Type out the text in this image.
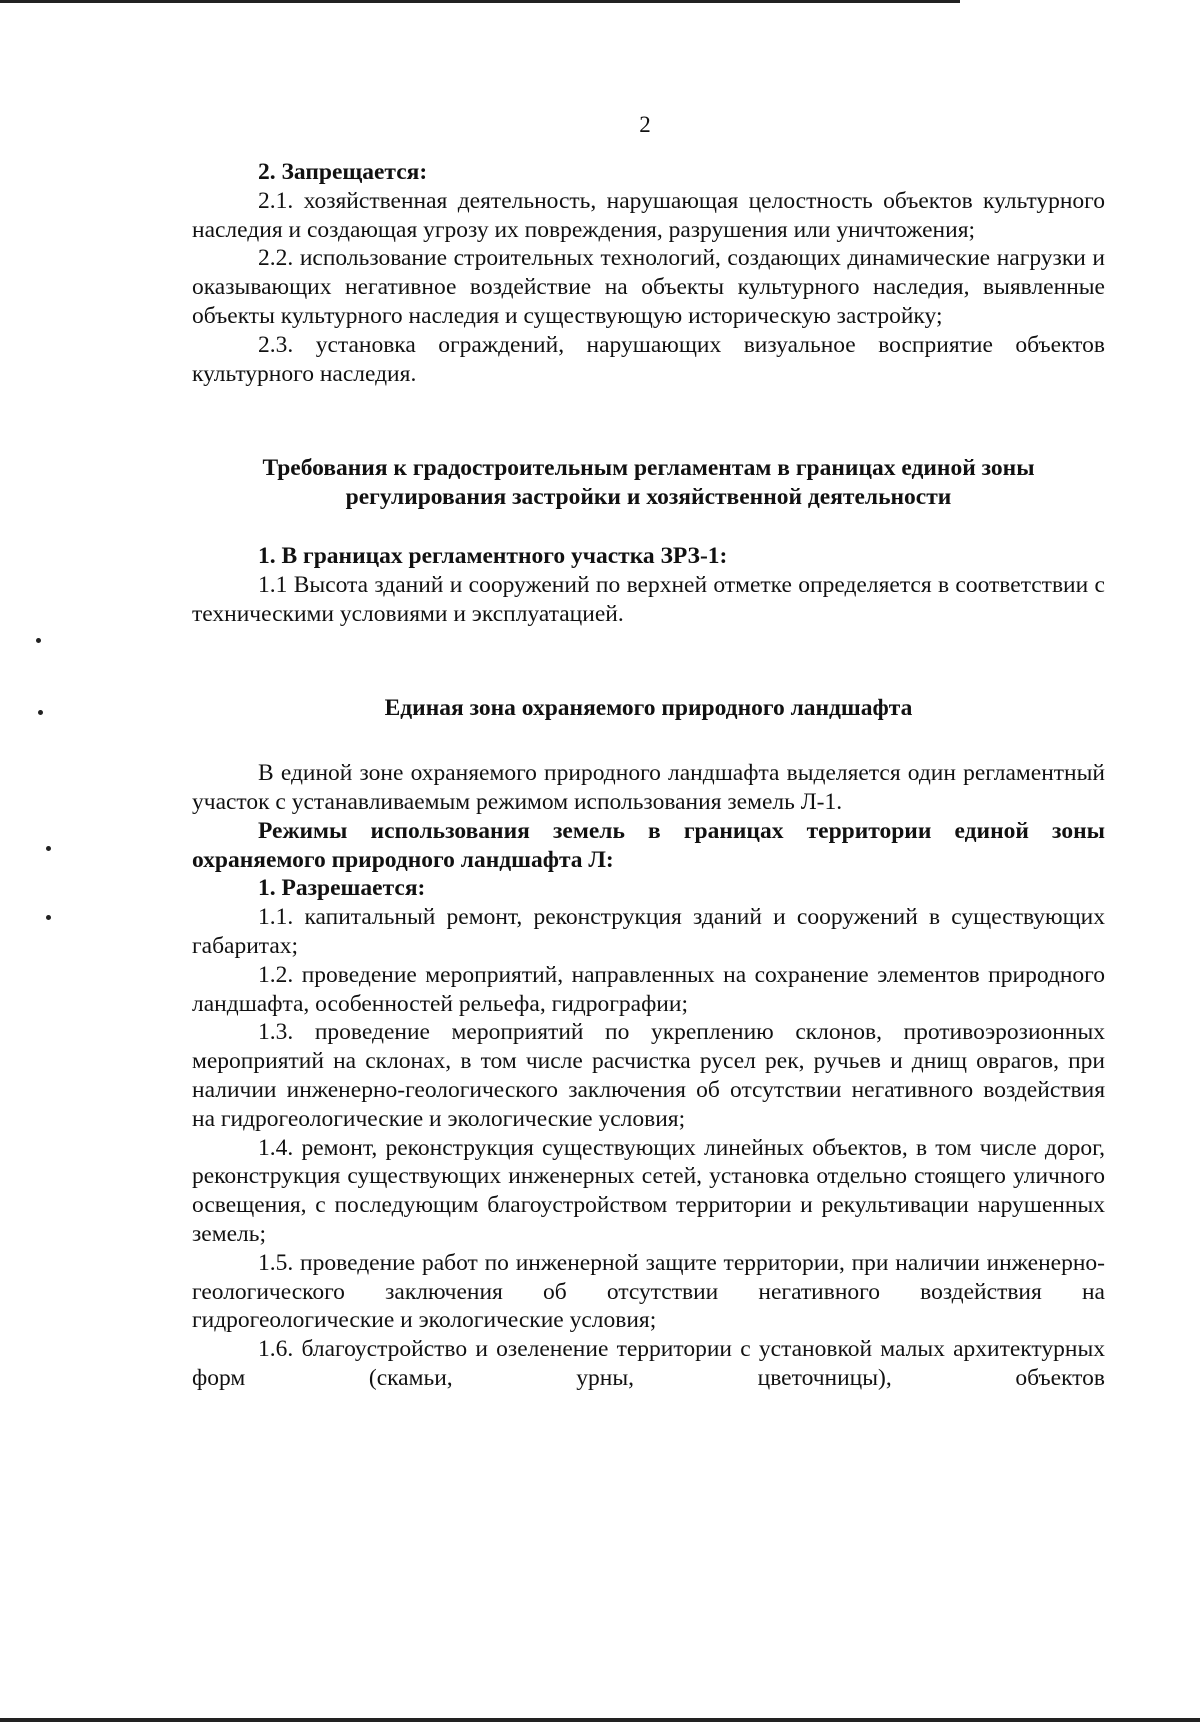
2

2. Запрещается:

2.1. хозяйственная деятельность, нарушающая целостность объектов культурного наследия и создающая угрозу их повреждения, разрушения или уничтожения;

2.2. использование строительных технологий, создающих динамические нагрузки и оказывающих негативное воздействие на объекты культурного наследия, выявленные объекты культурного наследия и существующую историческую застройку;

2.3. установка ограждений, нарушающих визуальное восприятие объектов культурного наследия.

Требования к градостроительным регламентам в границах единой зоны
регулирования застройки и хозяйственной деятельности

1. В границах регламентного участка ЗРЗ-1:

1.1 Высота зданий и сооружений по верхней отметке определяется в соответствии с техническими условиями и эксплуатацией.

Единая зона охраняемого природного ландшафта

В единой зоне охраняемого природного ландшафта выделяется один регламентный участок с устанавливаемым режимом использования земель Л-1.

Режимы использования земель в границах территории единой зоны охраняемого природного ландшафта Л:

1. Разрешается:

1.1. капитальный ремонт, реконструкция зданий и сооружений в существующих габаритах;

1.2. проведение мероприятий, направленных на сохранение элементов природного ландшафта, особенностей рельефа, гидрографии;

1.3. проведение мероприятий по укреплению склонов, противоэрозионных мероприятий на склонах, в том числе расчистка русел рек, ручьев и днищ оврагов, при наличии инженерно-геологического заключения об отсутствии негативного воздействия на гидрогеологические и экологические условия;

1.4. ремонт, реконструкция существующих линейных объектов, в том числе дорог, реконструкция существующих инженерных сетей, установка отдельно стоящего уличного освещения, с последующим благоустройством территории и рекультивации нарушенных земель;

1.5. проведение работ по инженерной защите территории, при наличии инженерно-геологического заключения об отсутствии негативного воздействия на гидрогеологические и экологические условия;

1.6. благоустройство и озеленение территории с установкой малых архитектурных форм (скамьи, урны, цветочницы), объектов
